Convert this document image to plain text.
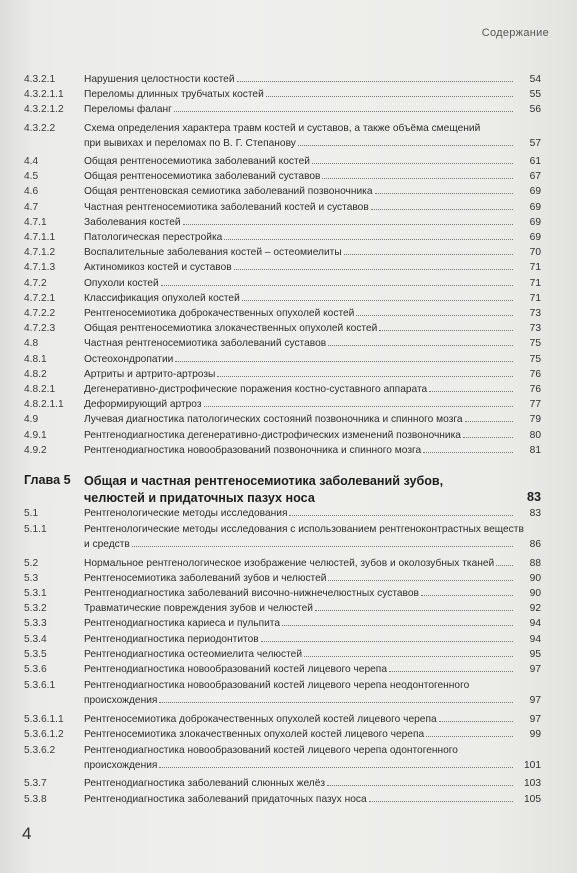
Содержание
4.3.2.1	Нарушения целостности костей	54
4.3.2.1.1 Переломы длинных трубчатых костей	55
4.3.2.1.2 Переломы фаланг	56
4.3.2.2	Схема определения характера травм костей и суставов, а также объёма смещений
при вывихах и переломах по В. Г. Степанову	57
4.4	Общая рентгеносемиотика заболеваний костей	61
4.5	Общая рентгеносемиотика заболеваний суставов	67
4.6	Общая рентгеновская семиотика заболеваний позвоночника	69
4.7	Частная рентгеносемиотика заболеваний костей и суставов	69
4.7.1	Заболевания костей	69
4.7.1.1	Патологическая перестройка	69
4.7.1.2	Воспалительные заболевания костей – остеомиелиты	70
4.7.1.3	Актиномикоз костей и суставов	71
4.7.2	Опухоли костей	71
4.7.2.1	Классификация опухолей костей	71
4.7.2.2	Рентгеносемиотика доброкачественных опухолей костей	73
4.7.2.3	Общая рентгеносемиотика злокачественных опухолей костей	73
4.8	Частная рентгеносемиотика заболеваний суставов	75
4.8.1	Остеохондропатии	75
4.8.2	Артриты и артрито-артрозы	76
4.8.2.1	Дегенеративно-дистрофические поражения костно-суставного аппарата	76
4.8.2.1.1 Деформирующий артроз	77
4.9	Лучевая диагностика патологических состояний позвоночника и спинного мозга	79
4.9.1	Рентгенодиагностика дегенеративно-дистрофических изменений позвоночника	80
4.9.2	Рентгенодиагностика новообразований позвоночника и спинного мозга	81
Глава 5 Общая и частная рентгеносемиотика заболеваний зубов,
челюстей и придаточных пазух носа	83
5.1	Рентгенологические методы исследования	83
5.1.1	Рентгенологические методы исследования с использованием рентгеноконтрастных веществ
и средств	86
5.2	Нормальное рентгенологическое изображение челюстей, зубов и околозубных тканей	88
5.3	Рентгеносемиотика заболеваний зубов и челюстей	90
5.3.1	Рентгенодиагностика заболеваний височно-нижнечелюстных суставов	90
5.3.2	Травматические повреждения зубов и челюстей	92
5.3.3	Рентгенодиагностика кариеса и пульпита	94
5.3.4	Рентгенодиагностика периодонтитов	94
5.3.5	Рентгенодиагностика остеомиелита челюстей	95
5.3.6	Рентгенодиагностика новообразований костей лицевого черепа	97
5.3.6.1	Рентгенодиагностика новообразований костей лицевого черепа неодонтогенного
происхождения	97
5.3.6.1.1 Рентгеносемиотика доброкачественных опухолей костей лицевого черепа	97
5.3.6.1.2 Рентгеносемиотика злокачественных опухолей костей лицевого черепа	99
5.3.6.2	Рентгенодиагностика новообразований костей лицевого черепа одонтогенного
происхождения	101
5.3.7	Рентгенодиагностика заболеваний слюнных желёз	103
5.3.8	Рентгенодиагностика заболеваний придаточных пазух носа	105
4
